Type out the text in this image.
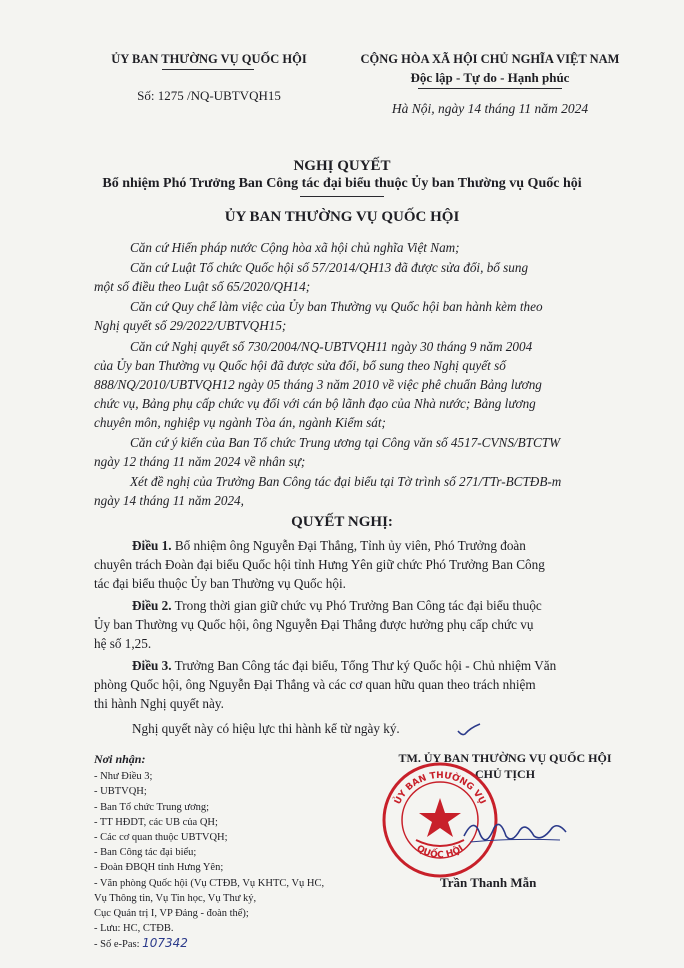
ỦY BAN THƯỜNG VỤ QUỐC HỘI
Số: 1275 /NQ-UBTVQH15
CỘNG HÒA XÃ HỘI CHỦ NGHĨA VIỆT NAM
Độc lập - Tự do - Hạnh phúc
Hà Nội, ngày 14 tháng 11 năm 2024
NGHỊ QUYẾT
Bổ nhiệm Phó Trưởng Ban Công tác đại biểu thuộc Ủy ban Thường vụ Quốc hội
ỦY BAN THƯỜNG VỤ QUỐC HỘI
Căn cứ Hiến pháp nước Cộng hòa xã hội chủ nghĩa Việt Nam;
Căn cứ Luật Tổ chức Quốc hội số 57/2014/QH13 đã được sửa đổi, bổ sung
một số điều theo Luật số 65/2020/QH14;
Căn cứ Quy chế làm việc của Ủy ban Thường vụ Quốc hội ban hành kèm theo
Nghị quyết số 29/2022/UBTVQH15;
Căn cứ Nghị quyết số 730/2004/NQ-UBTVQH11 ngày 30 tháng 9 năm 2004
của Ủy ban Thường vụ Quốc hội đã được sửa đổi, bổ sung theo Nghị quyết số
888/NQ/2010/UBTVQH12 ngày 05 tháng 3 năm 2010 về việc phê chuẩn Bảng lương
chức vụ, Bảng phụ cấp chức vụ đối với cán bộ lãnh đạo của Nhà nước; Bảng lương
chuyên môn, nghiệp vụ ngành Tòa án, ngành Kiểm sát;
Căn cứ ý kiến của Ban Tổ chức Trung ương tại Công văn số 4517-CVNS/BTCTW
ngày 12 tháng 11 năm 2024 về nhân sự;
Xét đề nghị của Trưởng Ban Công tác đại biểu tại Tờ trình số 271/TTr-BCTĐB-m
ngày 14 tháng 11 năm 2024,
QUYẾT NGHỊ:
Điều 1. Bổ nhiệm ông Nguyễn Đại Thắng, Tỉnh ủy viên, Phó Trưởng đoàn
chuyên trách Đoàn đại biểu Quốc hội tỉnh Hưng Yên giữ chức Phó Trưởng Ban Công
tác đại biểu thuộc Ủy ban Thường vụ Quốc hội.
Điều 2. Trong thời gian giữ chức vụ Phó Trưởng Ban Công tác đại biểu thuộc
Ủy ban Thường vụ Quốc hội, ông Nguyễn Đại Thắng được hưởng phụ cấp chức vụ
hệ số 1,25.
Điều 3. Trưởng Ban Công tác đại biểu, Tổng Thư ký Quốc hội - Chủ nhiệm Văn
phòng Quốc hội, ông Nguyễn Đại Thắng và các cơ quan hữu quan theo trách nhiệm
thi hành Nghị quyết này.
Nghị quyết này có hiệu lực thi hành kể từ ngày ký.
Nơi nhận:
- Như Điều 3;
- UBTVQH;
- Ban Tổ chức Trung ương;
- TT HĐDT, các UB của QH;
- Các cơ quan thuộc UBTVQH;
- Ban Công tác đại biểu;
- Đoàn ĐBQH tỉnh Hưng Yên;
- Văn phòng Quốc hội (Vụ CTĐB, Vụ KHTC, Vụ HC,
Vụ Thông tin, Vụ Tin học, Vụ Thư ký,
Cục Quản trị I, VP Đảng - đoàn thể);
- Lưu: HC, CTĐB.
- Số e-Pas: 107342
TM. ỦY BAN THƯỜNG VỤ QUỐC HỘI
CHỦ TỊCH
ỦY BAN THƯỜNG VỤ
QUỐC HỘI
Trần Thanh Mẫn
